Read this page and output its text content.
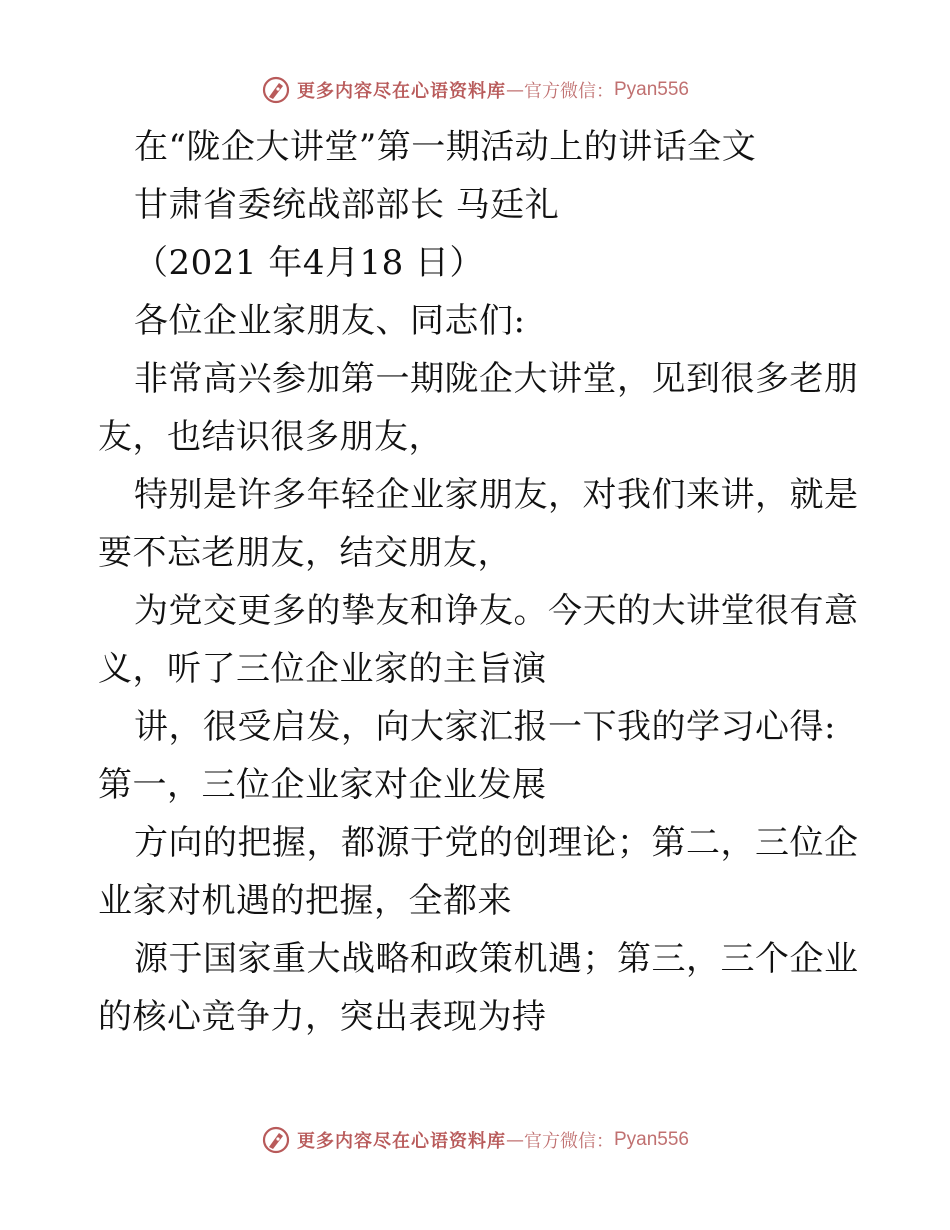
更多内容尽在心语资料库 — 官方微信： Pyan556
在“陇企大讲堂”第一期活动上的讲话全文
甘肃省委统战部部长 马廷礼
（2021 年4月18 日）
各位企业家朋友、同志们:
非常高兴参加第一期陇企大讲堂，见到很多老朋
友，也结识很多朋友，
特别是许多年轻企业家朋友，对我们来讲，就是
要不忘老朋友，结交朋友，
为党交更多的挚友和诤友。今天的大讲堂很有意
义，听了三位企业家的主旨演
讲，很受启发，向大家汇报一下我的学习心得:
第一，三位企业家对企业发展
方向的把握，都源于党的创理论；第二，三位企
业家对机遇的把握，全都来
源于国家重大战略和政策机遇；第三，三个企业
的核心竞争力，突出表现为持
更多内容尽在心语资料库 — 官方微信： Pyan556
